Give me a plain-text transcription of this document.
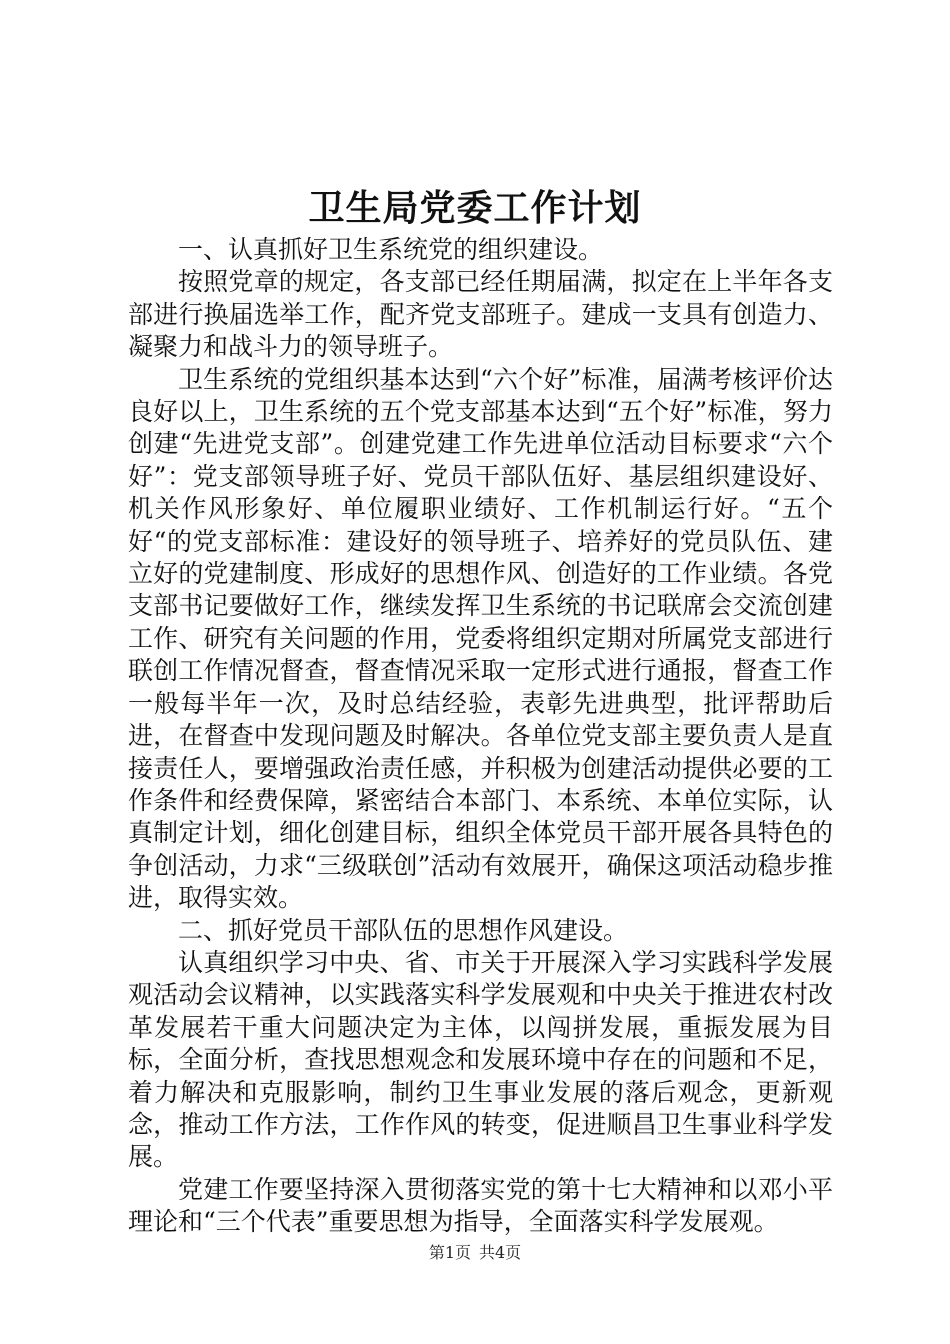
卫生局党委工作计划

一、认真抓好卫生系统党的组织建设。

按照党章的规定，各支部已经任期届满，拟定在上半年各支部进行换届选举工作，配齐党支部班子。建成一支具有创造力、凝聚力和战斗力的领导班子。

卫生系统的党组织基本达到“六个好”标准，届满考核评价达良好以上，卫生系统的五个党支部基本达到“五个好”标准，努力创建“先进党支部”。创建党建工作先进单位活动目标要求“六个好”：党支部领导班子好、党员干部队伍好、基层组织建设好、机关作风形象好、单位履职业绩好、工作机制运行好。“五个好“的党支部标准：建设好的领导班子、培养好的党员队伍、建立好的党建制度、形成好的思想作风、创造好的工作业绩。各党支部书记要做好工作，继续发挥卫生系统的书记联席会交流创建工作、研究有关问题的作用，党委将组织定期对所属党支部进行联创工作情况督查，督查情况采取一定形式进行通报，督查工作一般每半年一次，及时总结经验，表彰先进典型，批评帮助后进，在督查中发现问题及时解决。各单位党支部主要负责人是直接责任人，要增强政治责任感，并积极为创建活动提供必要的工作条件和经费保障，紧密结合本部门、本系统、本单位实际，认真制定计划，细化创建目标，组织全体党员干部开展各具特色的争创活动，力求“三级联创”活动有效展开，确保这项活动稳步推进，取得实效。

二、抓好党员干部队伍的思想作风建设。

认真组织学习中央、省、市关于开展深入学习实践科学发展观活动会议精神，以实践落实科学发展观和中央关于推进农村改革发展若干重大问题决定为主体，以闯拼发展，重振发展为目标，全面分析，查找思想观念和发展环境中存在的问题和不足，着力解决和克服影响，制约卫生事业发展的落后观念，更新观念，推动工作方法，工作作风的转变，促进顺昌卫生事业科学发展。

党建工作要坚持深入贯彻落实党的第十七大精神和以邓小平理论和“三个代表”重要思想为指导，全面落实科学发展观。

第1页 共4页
